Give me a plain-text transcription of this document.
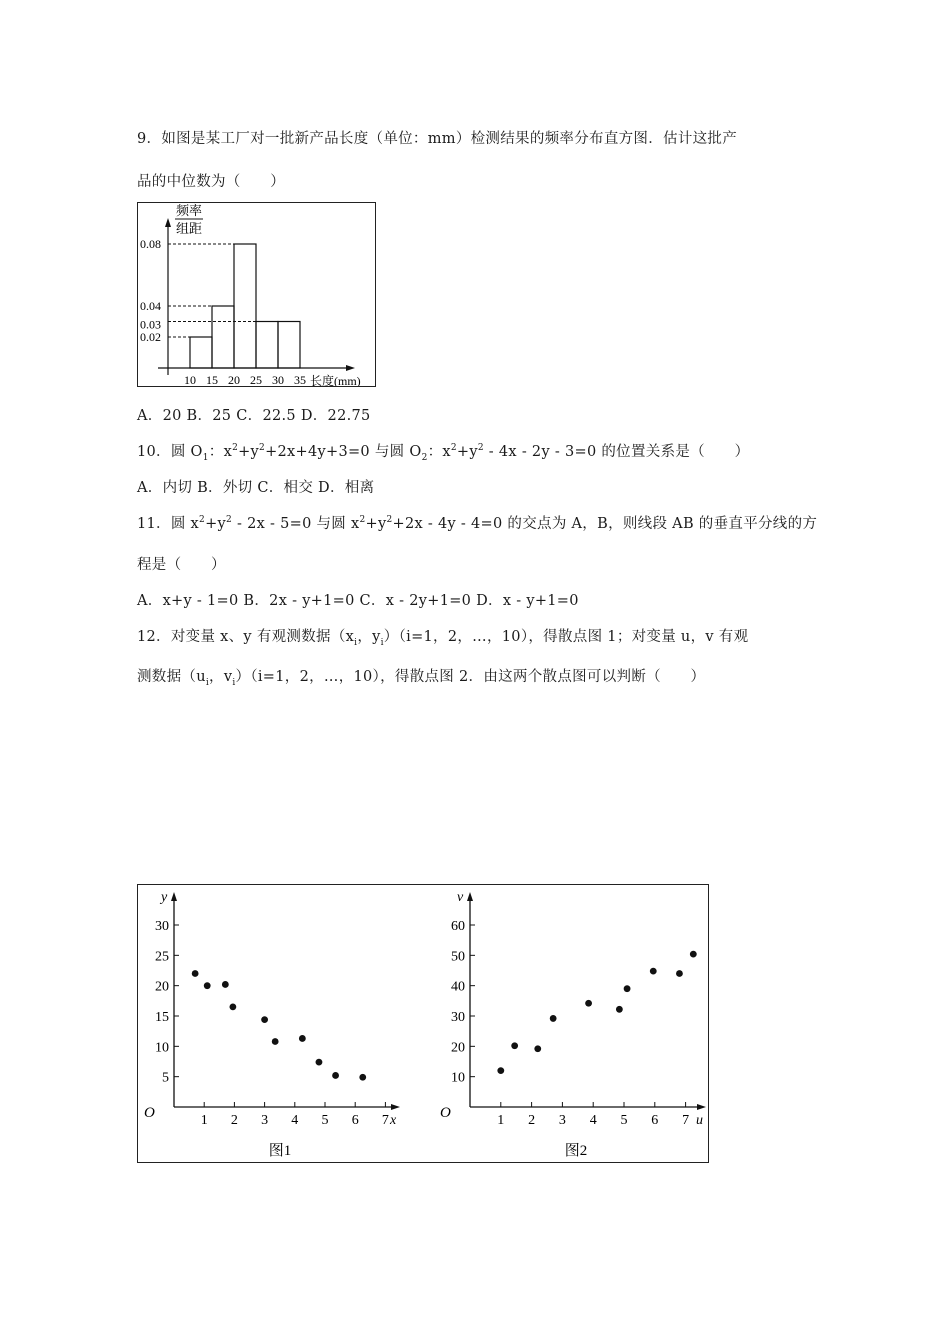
9．如图是某工厂对一批新产品长度（单位：mm）检测结果的频率分布直方图．估计这批产
品的中位数为（　　）
频率
组距
0.08
0.04
0.03
0.02
10 15 20 25 30 35 长度(mm)
A．20 B．25 C．22.5 D．22.75
10．圆 $O_1$：$x^2+y^2+2x+4y+3=0$ 与圆 $O_2$：$x^2+y^2 - 4x - 2y - 3=0$ 的位置关系是（　　）
A．内切 B．外切 C．相交 D．相离
11．圆 $x^2+y^2 - 2x - 5=0$ 与圆 $x^2+y^2+2x - 4y - 4=0$ 的交点为 A，B，则线段 AB 的垂直平分线的方
程是（　　）
A．x+y - 1=0 B．2x - y+1=0 C．x - 2y+1=0 D．x - y+1=0
12．对变量 x、y 有观测数据（$x_i$，$y_i)(i=1$，2，…，10），得散点图 1；对变量 u，v 有观
测数据（$u_i$，$v_i)(i=1$，2，…，10），得散点图 2．由这两个散点图可以判断（　　）
y
x
O
5
10
15
20
25
30
1 2 3 4 5 6 7
图1
v
u
O
10
20
30
40
50
60
1 2 3 4 5 6 7
图2
